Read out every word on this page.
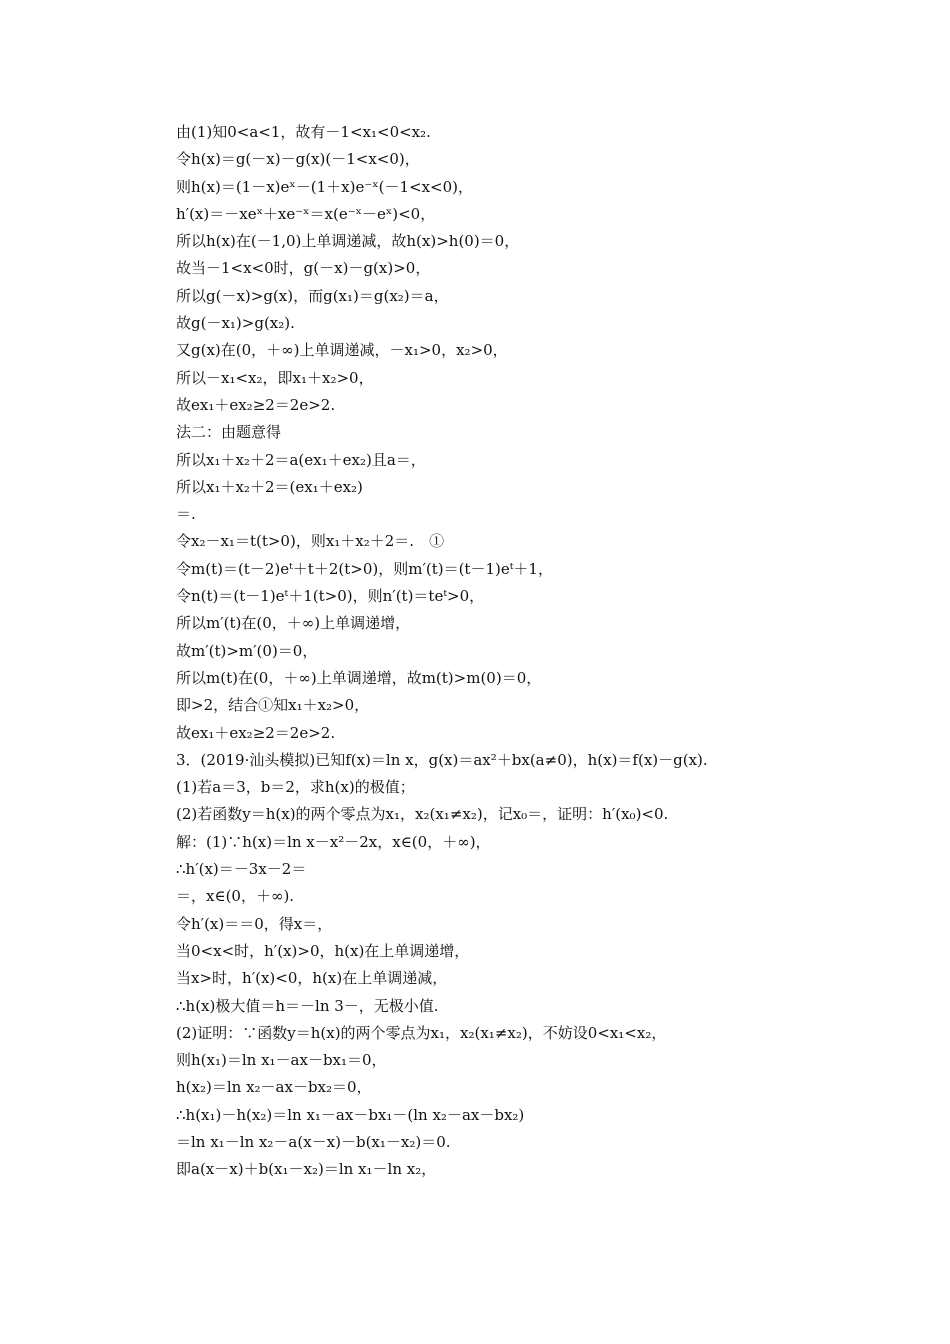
由(1)知0<a<1，故有－1<x₁<0<x₂.
令h(x)＝g(－x)－g(x)(－1<x<0)，
则h(x)＝(1－x)eˣ－(1＋x)e⁻ˣ(－1<x<0)，
h′(x)＝－xeˣ＋xe⁻ˣ＝x(e⁻ˣ－eˣ)<0，
所以h(x)在(－1,0)上单调递减，故h(x)>h(0)＝0，
故当－1<x<0时，g(－x)－g(x)>0，
所以g(－x)>g(x)，而g(x₁)＝g(x₂)＝a，
故g(－x₁)>g(x₂).
又g(x)在(0，＋∞)上单调递减，－x₁>0，x₂>0，
所以－x₁<x₂，即x₁＋x₂>0，
故ex₁＋ex₂≥2＝2e>2.
法二：由题意得
所以x₁＋x₂＋2＝a(ex₁＋ex₂)且a＝，
所以x₁＋x₂＋2＝(ex₁＋ex₂)
＝.
令x₂－x₁＝t(t>0)，则x₁＋x₂＋2＝.　①
令m(t)＝(t－2)eᵗ＋t＋2(t>0)，则m′(t)＝(t－1)eᵗ＋1，
令n(t)＝(t－1)eᵗ＋1(t>0)，则n′(t)＝teᵗ>0，
所以m′(t)在(0，＋∞)上单调递增，
故m′(t)>m′(0)＝0，
所以m(t)在(0，＋∞)上单调递增，故m(t)>m(0)＝0，
即>2，结合①知x₁＋x₂>0，
故ex₁＋ex₂≥2＝2e>2.
3．(2019·汕头模拟)已知f(x)＝ln x，g(x)＝ax²＋bx(a≠0)，h(x)＝f(x)－g(x).
(1)若a＝3，b＝2，求h(x)的极值；
(2)若函数y＝h(x)的两个零点为x₁，x₂(x₁≠x₂)，记x₀＝，证明：h′(x₀)<0.
解：(1)∵h(x)＝ln x－x²－2x，x∈(0，＋∞)，
∴h′(x)＝－3x－2＝
＝，x∈(0，＋∞).
令h′(x)＝＝0，得x＝，
当0<x<时，h′(x)>0，h(x)在上单调递增，
当x>时，h′(x)<0，h(x)在上单调递减，
∴h(x)极大值＝h＝－ln 3－，无极小值.
(2)证明：∵函数y＝h(x)的两个零点为x₁，x₂(x₁≠x₂)，不妨设0<x₁<x₂，
则h(x₁)＝ln x₁－ax－bx₁＝0，
h(x₂)＝ln x₂－ax－bx₂＝0，
∴h(x₁)－h(x₂)＝ln x₁－ax－bx₁－(ln x₂－ax－bx₂)
＝ln x₁－ln x₂－a(x－x)－b(x₁－x₂)＝0.
即a(x－x)＋b(x₁－x₂)＝ln x₁－ln x₂，
